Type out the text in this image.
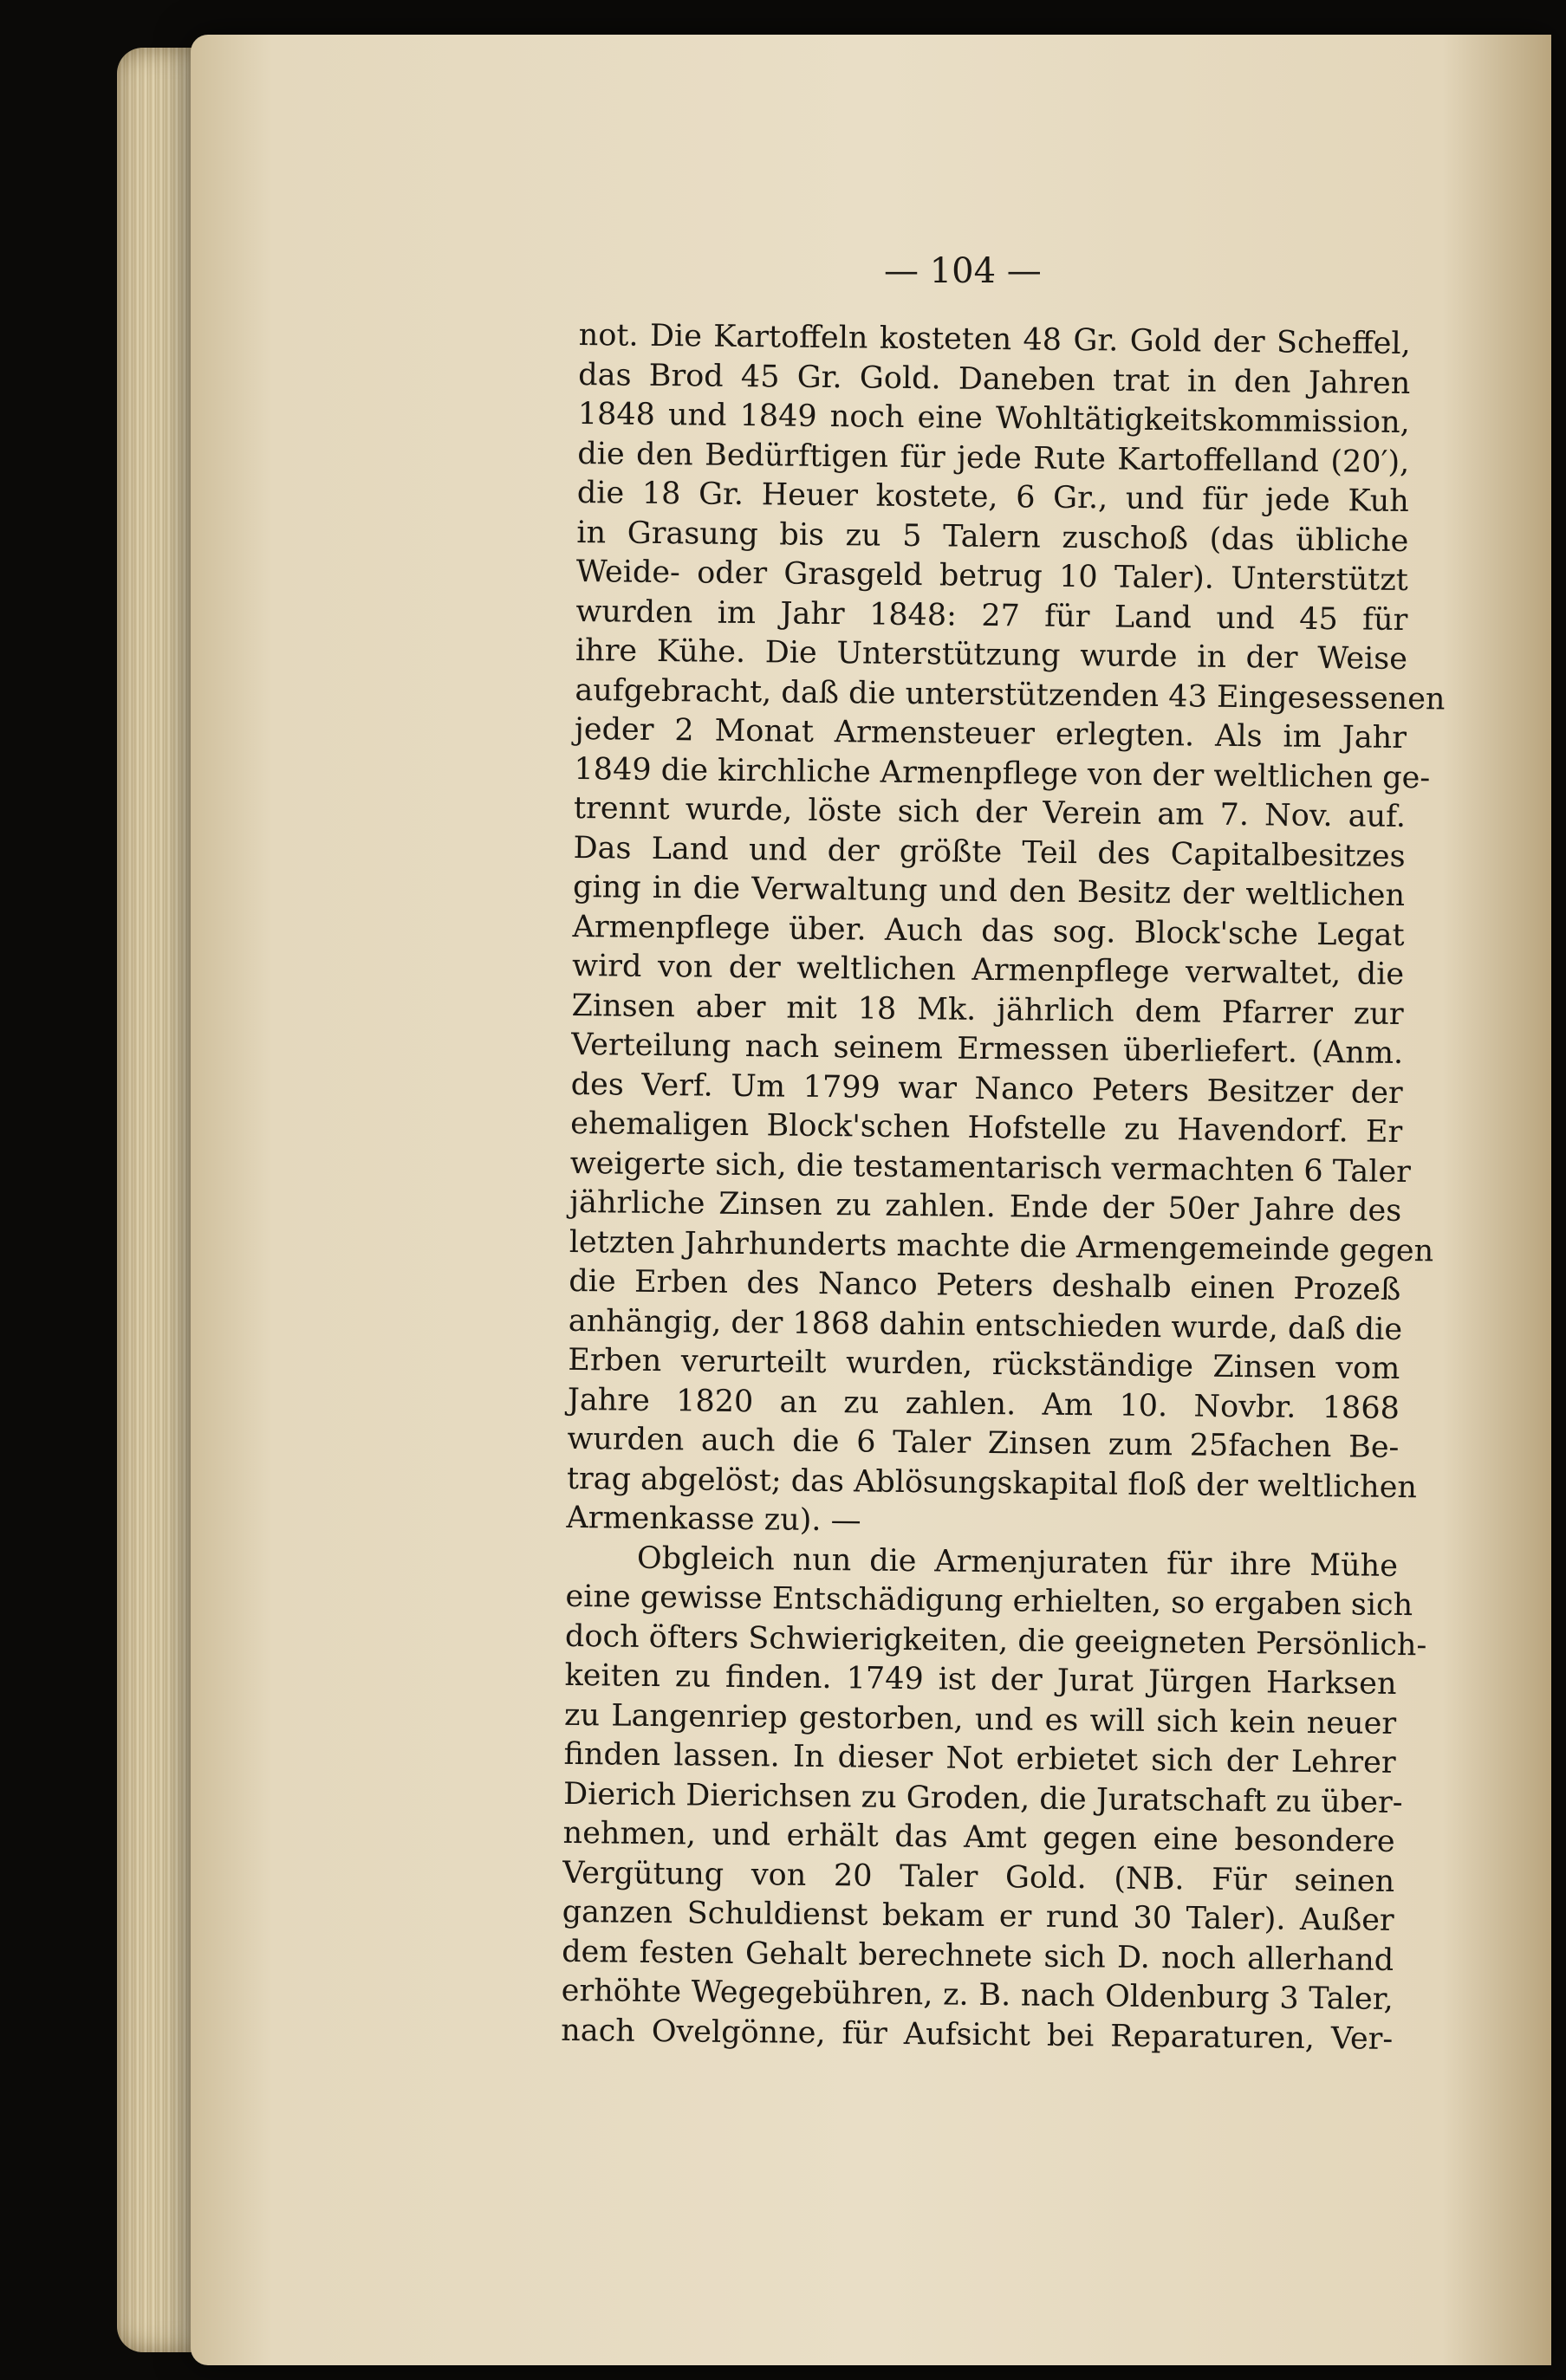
— 104 —
not. Die Kartoffeln kosteten 48 Gr. Gold der Scheffel,
das Brod 45 Gr. Gold. Daneben trat in den Jahren
1848 und 1849 noch eine Wohltätigkeitskommission,
die den Bedürftigen für jede Rute Kartoffelland (20′),
die 18 Gr. Heuer kostete, 6 Gr., und für jede Kuh
in Grasung bis zu 5 Talern zuschoß (das übliche
Weide- oder Grasgeld betrug 10 Taler). Unterstützt
wurden im Jahr 1848: 27 für Land und 45 für
ihre Kühe. Die Unterstützung wurde in der Weise
aufgebracht, daß die unterstützenden 43 Eingesessenen
jeder 2 Monat Armensteuer erlegten. Als im Jahr
1849 die kirchliche Armenpflege von der weltlichen ge-
trennt wurde, löste sich der Verein am 7. Nov. auf.
Das Land und der größte Teil des Capitalbesitzes
ging in die Verwaltung und den Besitz der weltlichen
Armenpflege über. Auch das sog. Block'sche Legat
wird von der weltlichen Armenpflege verwaltet, die
Zinsen aber mit 18 Mk. jährlich dem Pfarrer zur
Verteilung nach seinem Ermessen überliefert. (Anm.
des Verf. Um 1799 war Nanco Peters Besitzer der
ehemaligen Block'schen Hofstelle zu Havendorf. Er
weigerte sich, die testamentarisch vermachten 6 Taler
jährliche Zinsen zu zahlen. Ende der 50er Jahre des
letzten Jahrhunderts machte die Armengemeinde gegen
die Erben des Nanco Peters deshalb einen Prozeß
anhängig, der 1868 dahin entschieden wurde, daß die
Erben verurteilt wurden, rückständige Zinsen vom
Jahre 1820 an zu zahlen. Am 10. Novbr. 1868
wurden auch die 6 Taler Zinsen zum 25fachen Be-
trag abgelöst; das Ablösungskapital floß der weltlichen
Armenkasse zu). —
Obgleich nun die Armenjuraten für ihre Mühe
eine gewisse Entschädigung erhielten, so ergaben sich
doch öfters Schwierigkeiten, die geeigneten Persönlich-
keiten zu finden. 1749 ist der Jurat Jürgen Harksen
zu Langenriep gestorben, und es will sich kein neuer
finden lassen. In dieser Not erbietet sich der Lehrer
Dierich Dierichsen zu Groden, die Juratschaft zu über-
nehmen, und erhält das Amt gegen eine besondere
Vergütung von 20 Taler Gold. (NB. Für seinen
ganzen Schuldienst bekam er rund 30 Taler). Außer
dem festen Gehalt berechnete sich D. noch allerhand
erhöhte Wegegebühren, z. B. nach Oldenburg 3 Taler,
nach Ovelgönne, für Aufsicht bei Reparaturen, Ver-
